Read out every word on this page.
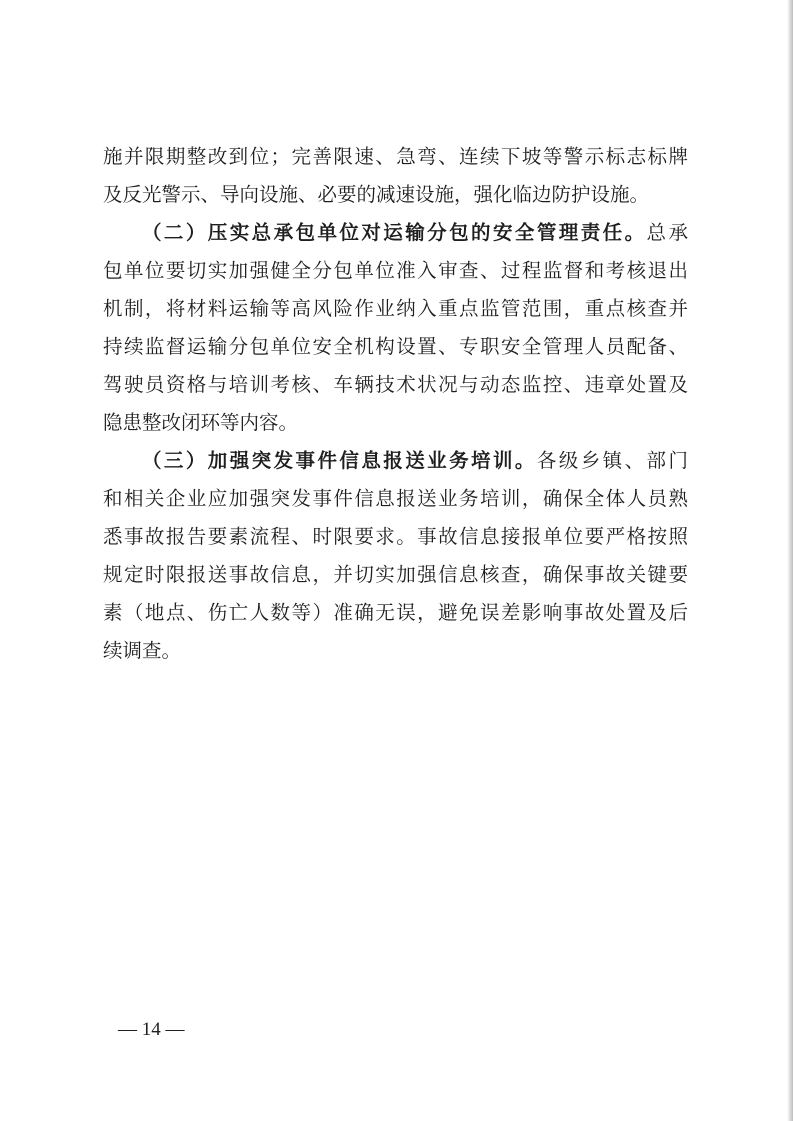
施并限期整改到位；完善限速、急弯、连续下坡等警示标志标牌
及反光警示、导向设施、必要的减速设施，强化临边防护设施。
（二）压实总承包单位对运输分包的安全管理责任。总承
包单位要切实加强健全分包单位准入审查、过程监督和考核退出
机制，将材料运输等高风险作业纳入重点监管范围，重点核查并
持续监督运输分包单位安全机构设置、专职安全管理人员配备、
驾驶员资格与培训考核、车辆技术状况与动态监控、违章处置及
隐患整改闭环等内容。
（三）加强突发事件信息报送业务培训。各级乡镇、部门
和相关企业应加强突发事件信息报送业务培训，确保全体人员熟
悉事故报告要素流程、时限要求。事故信息接报单位要严格按照
规定时限报送事故信息，并切实加强信息核查，确保事故关键要
素（地点、伤亡人数等）准确无误，避免误差影响事故处置及后
续调查。
— 14 —
